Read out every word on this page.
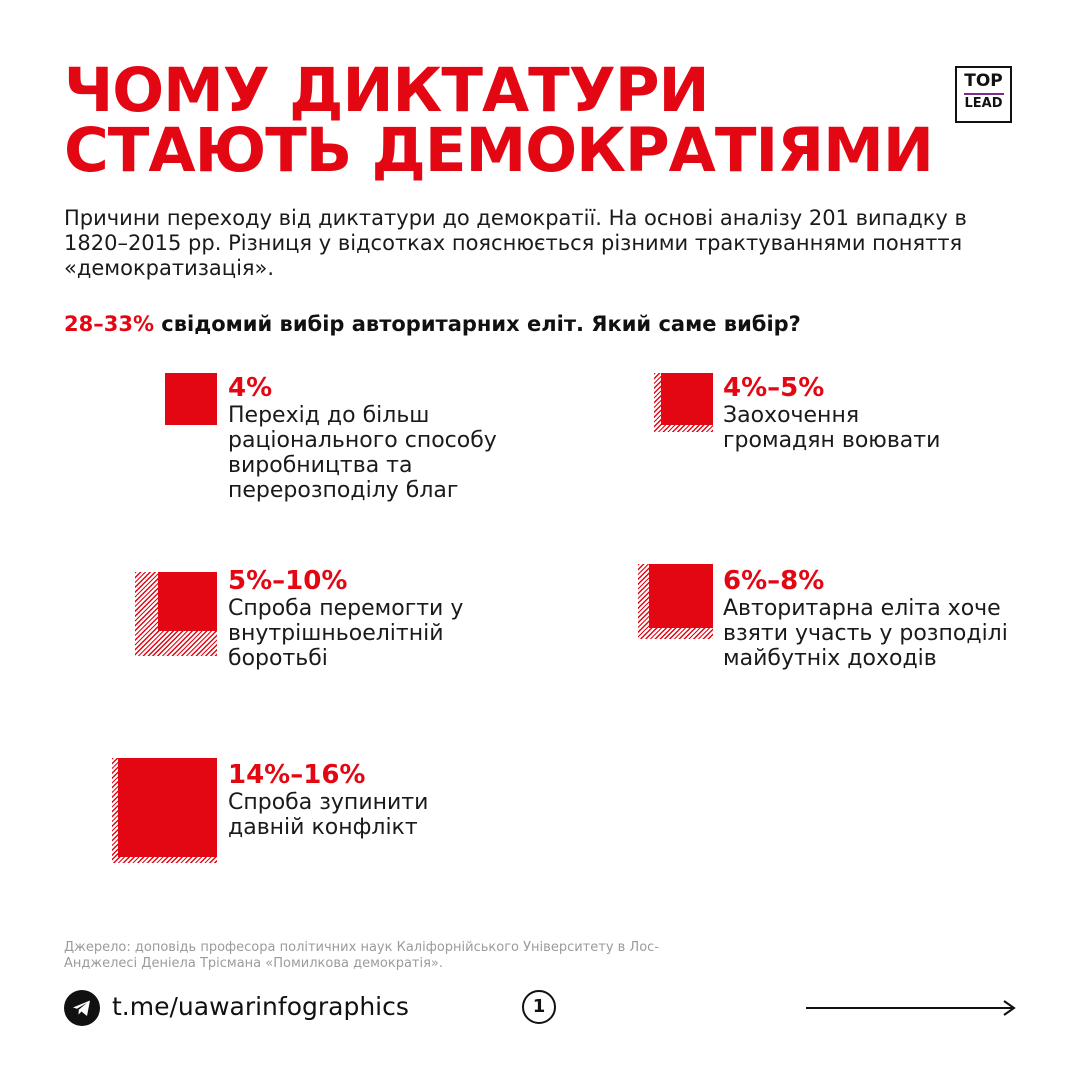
ЧОМУ ДИКТАТУРИ
СТАЮТЬ ДЕМОКРАТІЯМИ
TOP
LEAD
Причини переходу від диктатури до демократії. На основі аналізу 201 випадку в 1820–2015 рр. Різниця у відсотках пояснюється різними трактуваннями поняття «демократизація».
28–33% свідомий вибір авторитарних еліт. Який саме вибір?
4%
Перехід до більш раціонального способу виробництва та перерозподілу благ
4%–5%
Заохочення громадян воювати
5%–10%
Спроба перемогти у внутрішньоелітній боротьбі
6%–8%
Авторитарна еліта хоче взяти участь у розподілі майбутніх доходів
14%–16%
Спроба зупинити давній конфлікт
Джерело: доповідь професора політичних наук Каліфорнійського Університету в Лос-Анджелесі Деніела Трісмана «Помилкова демократія».
t.me/uawarinfographics	1
